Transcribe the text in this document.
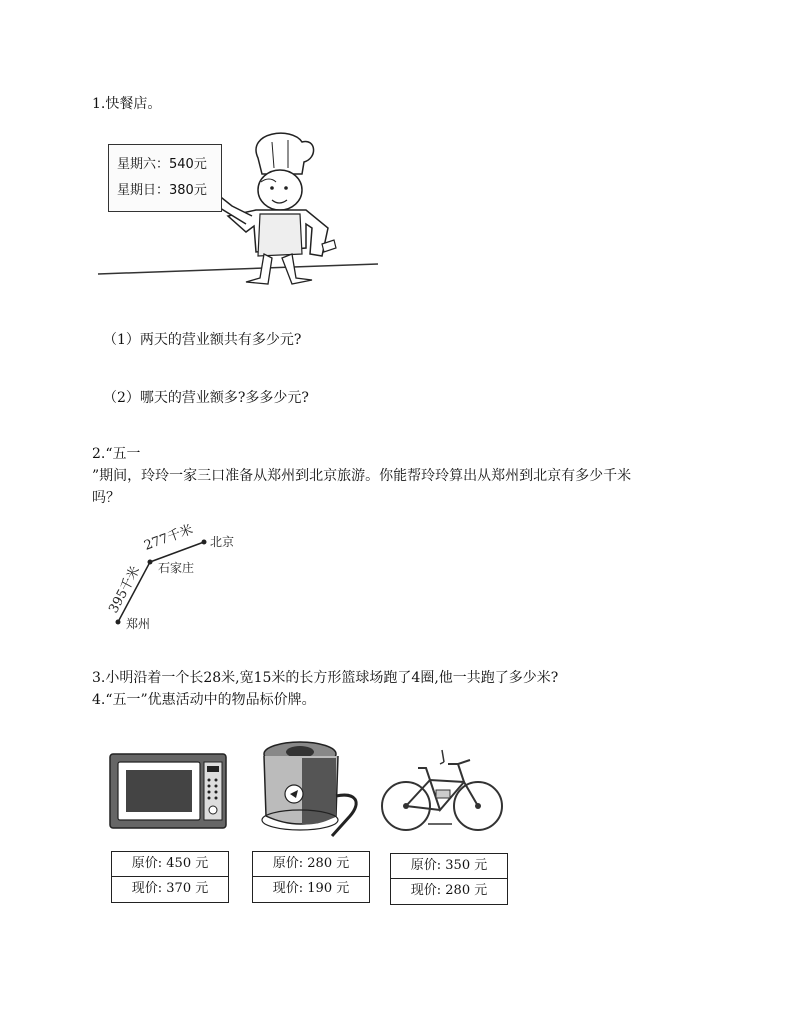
1.快餐店。
星期六：540元
星期日：380元
（1）两天的营业额共有多少元?
（2）哪天的营业额多?多多少元?
2.“五一
”期间，玲玲一家三口准备从郑州到北京旅游。你能帮玲玲算出从郑州到北京有多少千米
吗？
北京
石家庄
郑州
277千米
395千米
3.小明沿着一个长28米,宽15米的长方形篮球场跑了4圈,他一共跑了多少米?
4.“五一”优惠活动中的物品标价牌。
原价: 450 元
现价: 370 元
原价: 280 元
现价: 190 元
原价: 350 元
现价: 280 元
